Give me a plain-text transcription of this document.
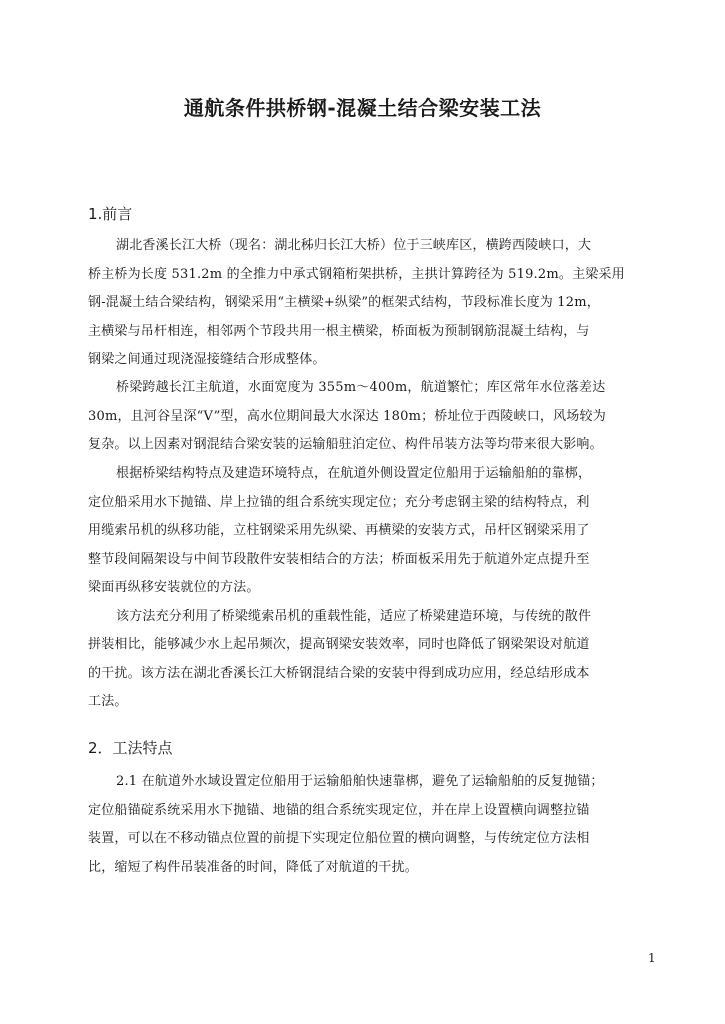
通航条件拱桥钢-混凝土结合梁安装工法
1.前言
湖北香溪长江大桥（现名：湖北秭归长江大桥）位于三峡库区，横跨西陵峡口，大
桥主桥为长度 531.2m 的全推力中承式钢箱桁架拱桥，主拱计算跨径为 519.2m。主梁采用
钢-混凝土结合梁结构，钢梁采用“主横梁+纵梁”的框架式结构，节段标准长度为 12m，
主横梁与吊杆相连，相邻两个节段共用一根主横梁，桥面板为预制钢筋混凝土结构，与
钢梁之间通过现浇湿接缝结合形成整体。
桥梁跨越长江主航道，水面宽度为 355m～400m，航道繁忙；库区常年水位落差达
30m，且河谷呈深“V”型，高水位期间最大水深达 180m；桥址位于西陵峡口，风场较为
复杂。以上因素对钢混结合梁安装的运输船驻泊定位、构件吊装方法等均带来很大影响。
根据桥梁结构特点及建造环境特点，在航道外侧设置定位船用于运输船舶的靠梆，
定位船采用水下抛锚、岸上拉锚的组合系统实现定位；充分考虑钢主梁的结构特点，利
用缆索吊机的纵移功能，立柱钢梁采用先纵梁、再横梁的安装方式，吊杆区钢梁采用了
整节段间隔架设与中间节段散件安装相结合的方法；桥面板采用先于航道外定点提升至
梁面再纵移安装就位的方法。
该方法充分利用了桥梁缆索吊机的重载性能，适应了桥梁建造环境，与传统的散件
拼装相比，能够减少水上起吊频次，提高钢梁安装效率，同时也降低了钢梁架设对航道
的干扰。该方法在湖北香溪长江大桥钢混结合梁的安装中得到成功应用，经总结形成本
工法。
2．工法特点
2.1 在航道外水域设置定位船用于运输船舶快速靠梆，避免了运输船舶的反复抛锚；
定位船锚碇系统采用水下抛锚、地锚的组合系统实现定位，并在岸上设置横向调整拉锚
装置，可以在不移动锚点位置的前提下实现定位船位置的横向调整，与传统定位方法相
比，缩短了构件吊装准备的时间，降低了对航道的干扰。
1
